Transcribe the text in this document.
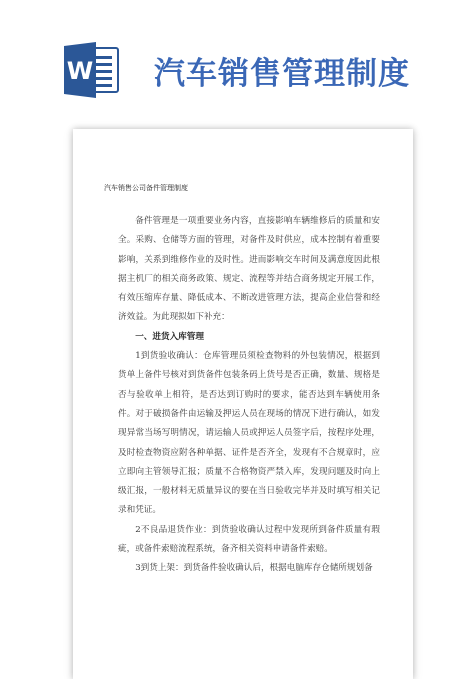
W 汽车销售管理制度
汽车销售公司备件管理制度

备件管理是一项重要业务内容，直接影响车辆维修后的质量和安全。采购、仓储等方面的管理，对备件及时供应，成本控制有着重要影响，关系到维修作业的及时性。进而影响交车时间及满意度因此根据主机厂的相关商务政策、规定、流程等并结合商务规定开展工作，有效压缩库存量、降低成本、不断改进管理方法，提高企业信誉和经济效益。为此现拟如下补充：

一、进货入库管理

1到货验收确认：仓库管理员须检查物料的外包装情况，根据到货单上备件号核对到货备件包装条码上货号是否正确，数量、规格是否与验收单上相符，是否达到订购时的要求，能否达到车辆使用条件。对于破损备件由运输及押运人员在现场的情况下进行确认，如发现异常当场写明情况，请运输人员或押运人员签字后，按程序处理，及时检查物资应附各种单据、证件是否齐全，发现有不合规章时，应立即向主管领导汇报；质量不合格物资严禁入库，发现问题及时向上级汇报，一般材料无质量异议的要在当日验收完毕并及时填写相关记录和凭证。

2不良品退货作业：到货验收确认过程中发现所到备件质量有瑕疵，或备件索赔流程系统，备齐相关资料申请备件索赔。

3到货上架：到货备件验收确认后，根据电脑库存仓储所规划备
